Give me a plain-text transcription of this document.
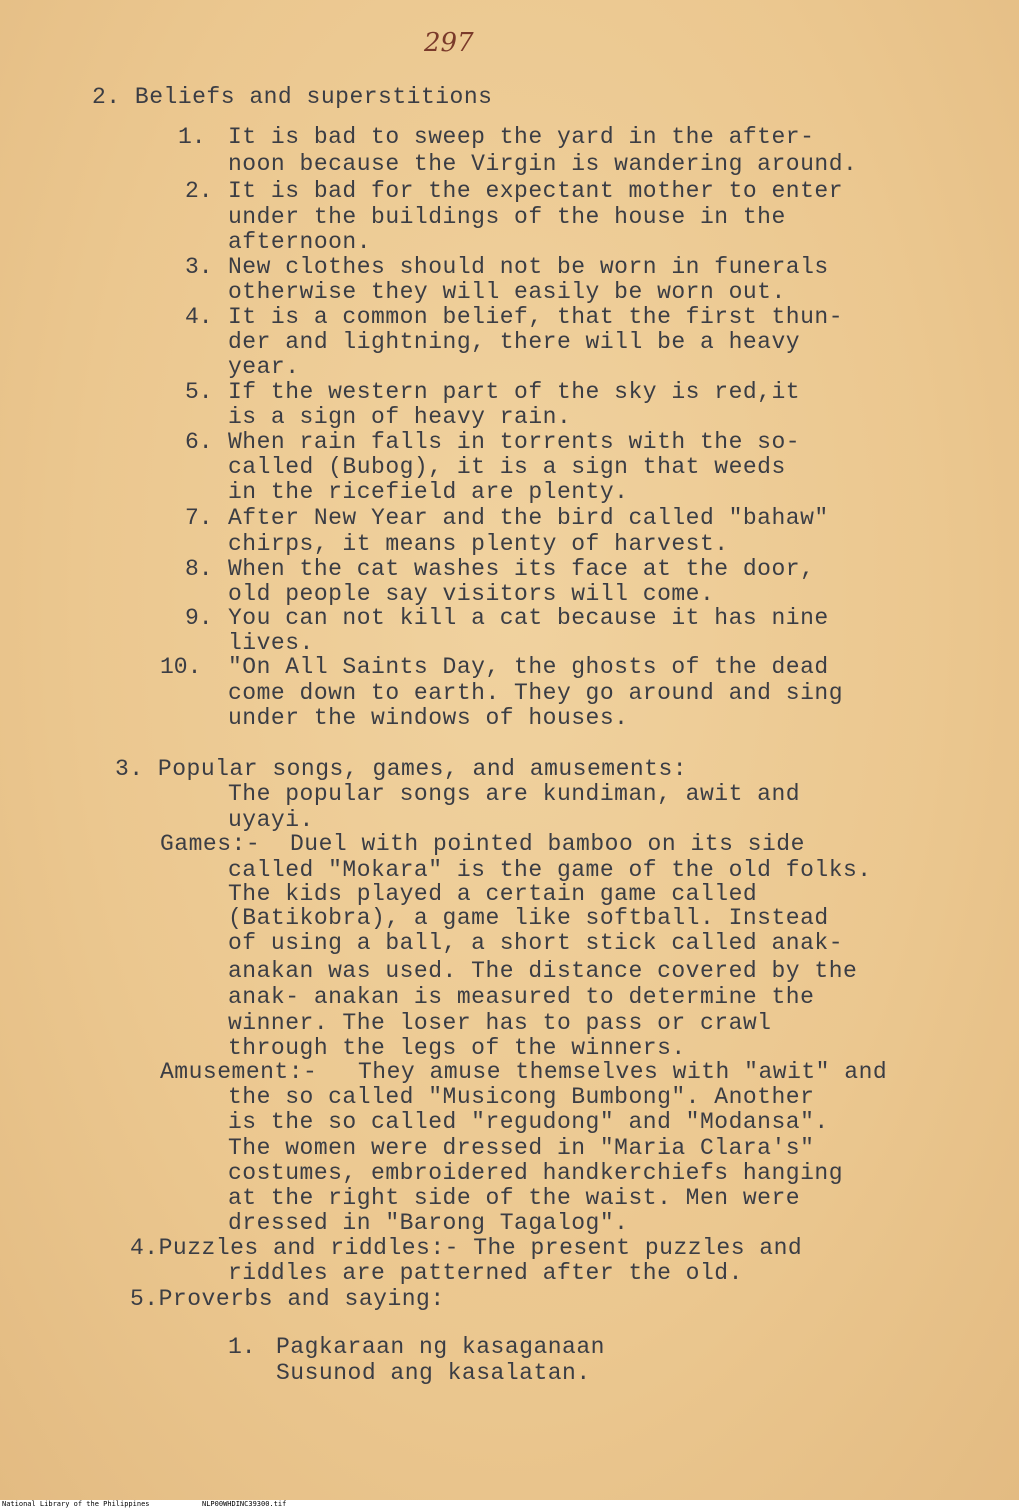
297
2. Beliefs and superstitions
1. It is bad to sweep the yard in the after-
noon because the Virgin is wandering around.
2. It is bad for the expectant mother to enter
under the buildings of the house in the
afternoon.
3. New clothes should not be worn in funerals
otherwise they will easily be worn out.
4. It is a common belief, that the first thun-
der and lightning, there will be a heavy
year.
5. If the western part of the sky is red,it
is a sign of heavy rain.
6. When rain falls in torrents with the so-
called (Bubog), it is a sign that weeds
in the ricefield are plenty.
7. After New Year and the bird called "bahaw"
chirps, it means plenty of harvest.
8. When the cat washes its face at the door,
old people say visitors will come.
9. You can not kill a cat because it has nine
lives.
10. "On All Saints Day, the ghosts of the dead
come down to earth. They go around and sing
under the windows of houses.
3. Popular songs, games, and amusements:
The popular songs are kundiman, awit and
uyayi.
Games:- Duel with pointed bamboo on its side
called "Mokara" is the game of the old folks.
The kids played a certain game called
(Batikobra), a game like softball. Instead
of using a ball, a short stick called anak-
anakan was used. The distance covered by the
anak- anakan is measured to determine the
winner. The loser has to pass or crawl
through the legs of the winners.
Amusement:- They amuse themselves with "awit" and
the so called "Musicong Bumbong". Another
is the so called "regudong" and "Modansa".
The women were dressed in "Maria Clara's"
costumes, embroidered handkerchiefs hanging
at the right side of the waist. Men were
dressed in "Barong Tagalog".
4.Puzzles and riddles:- The present puzzles and
riddles are patterned after the old.
5.Proverbs and saying:
1. Pagkaraan ng kasaganaan
Susunod ang kasalatan.
National Library of the Philippines	NLP00WHDINC39300.tif
